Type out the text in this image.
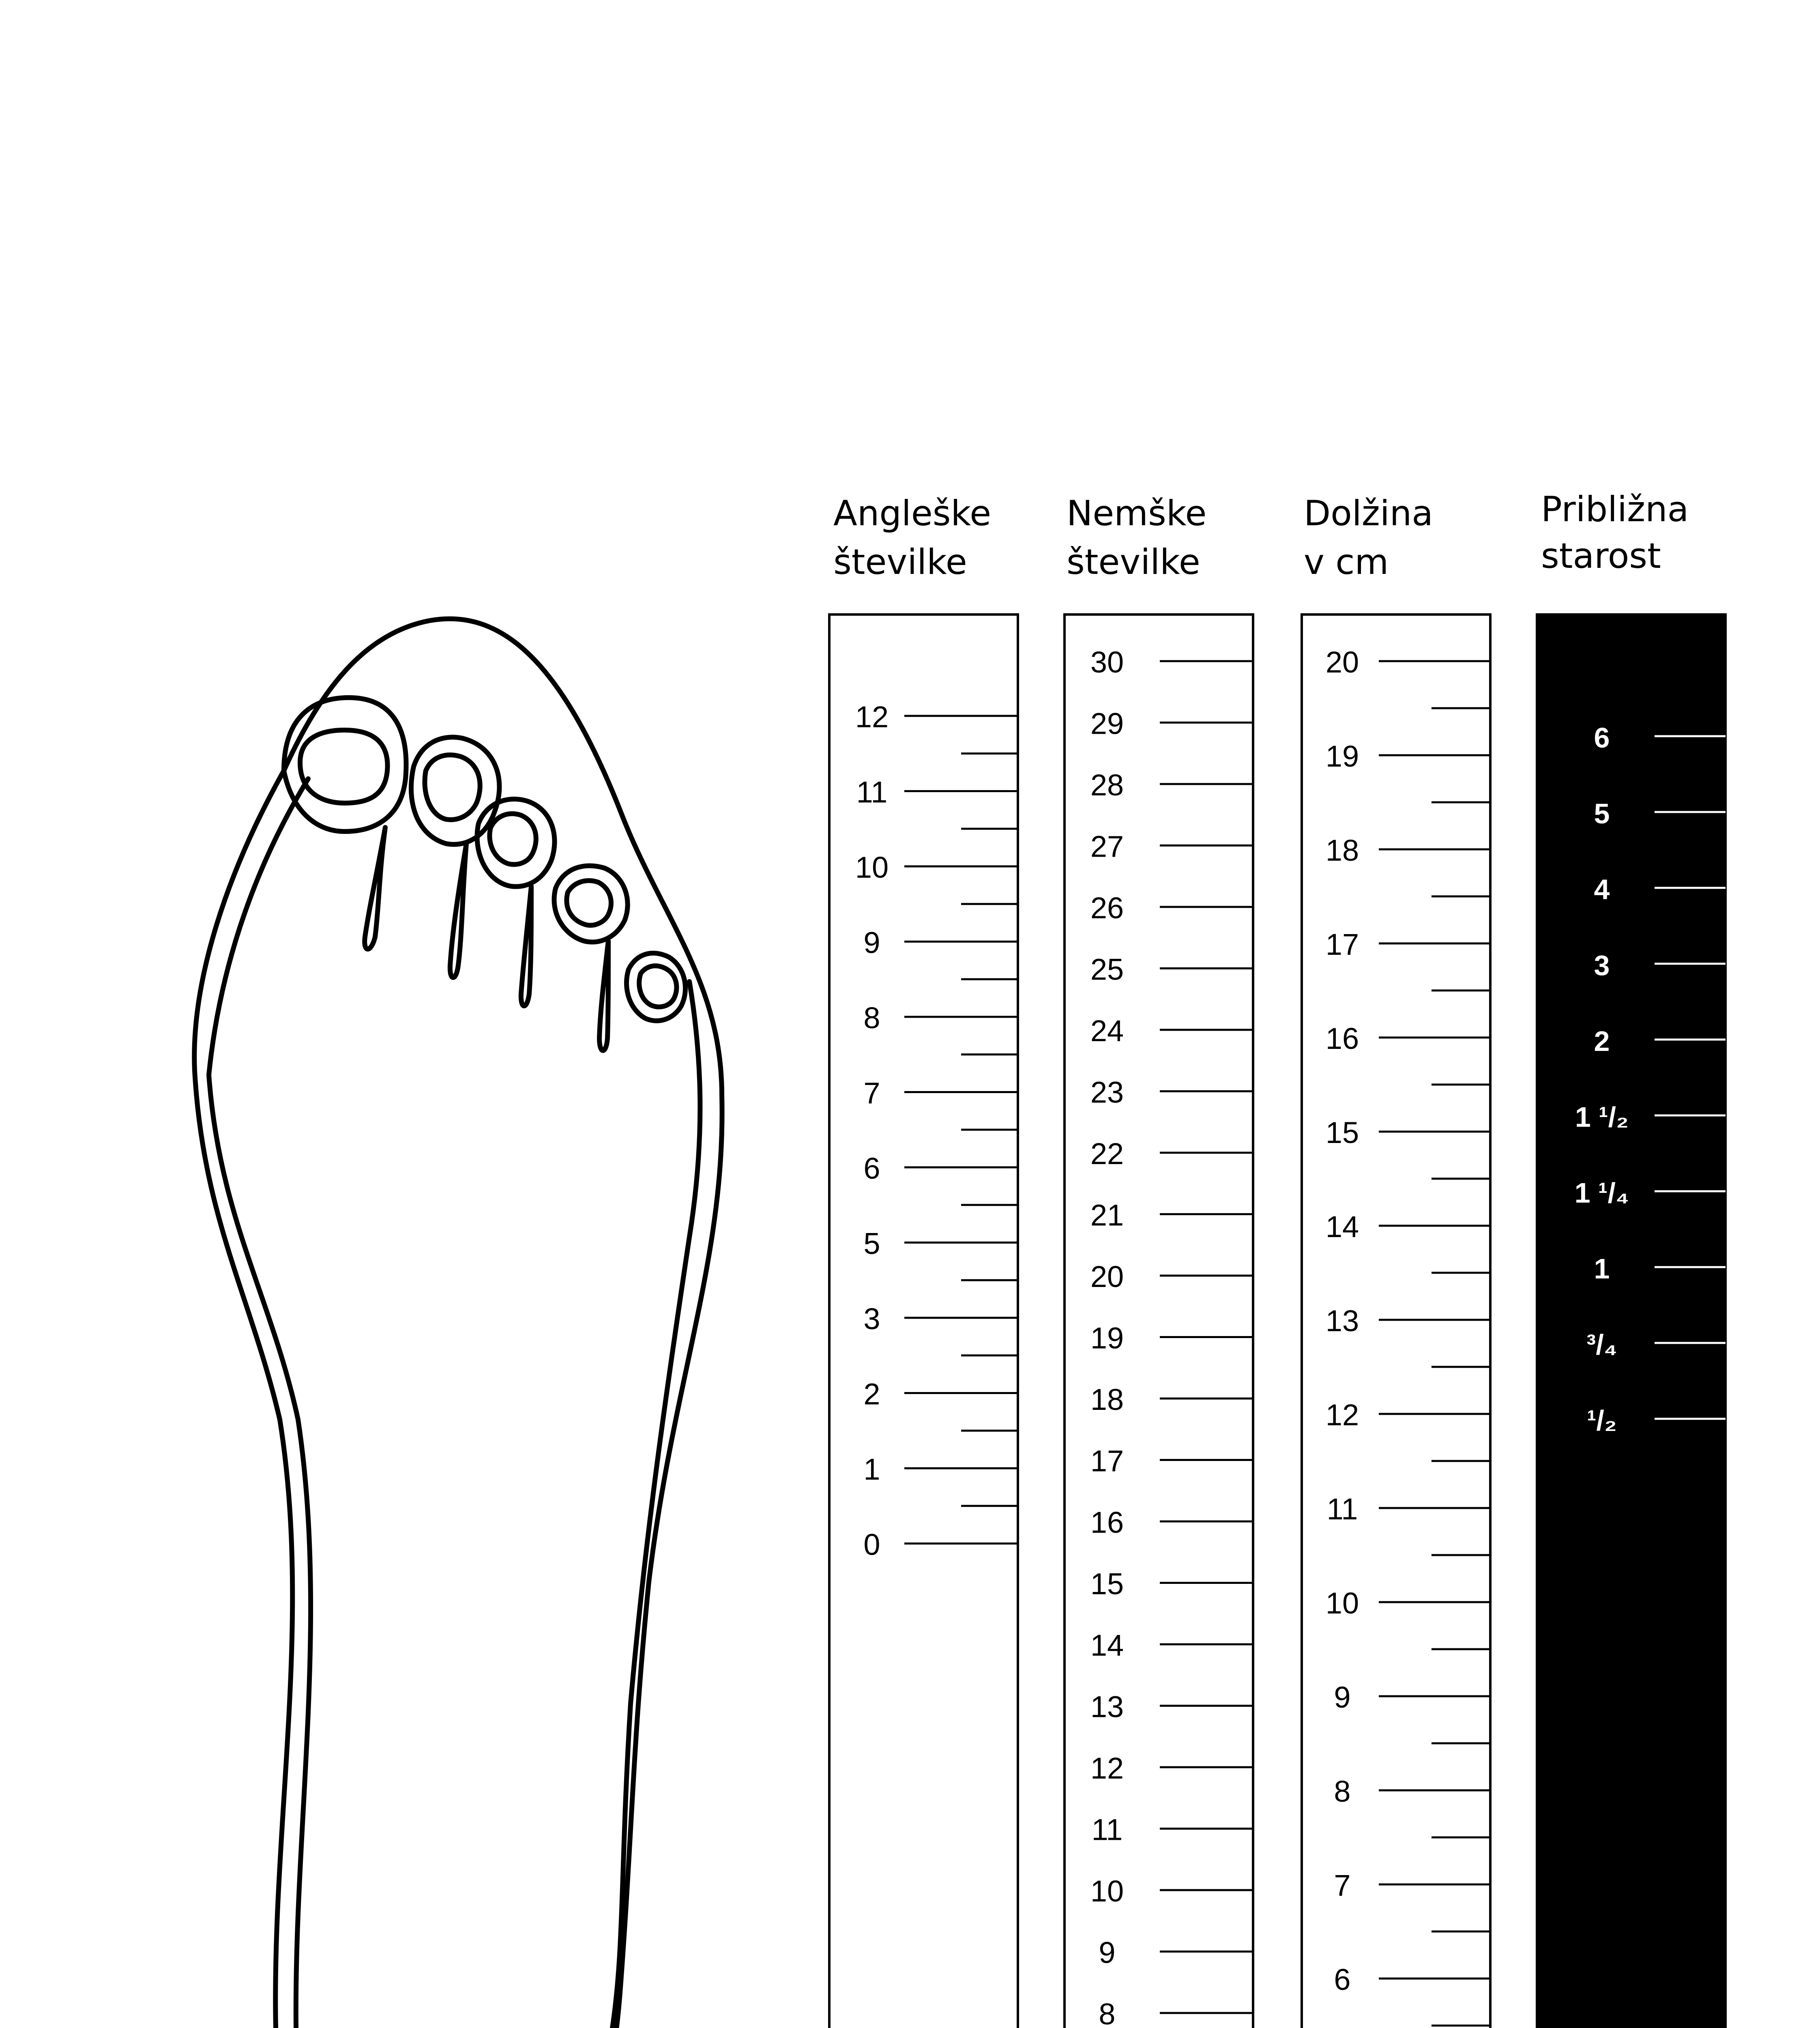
Angleške
številke
Nemške
številke
Dolžina
v cm
Približna
starost
12
11
10
9
8
7
6
5
3
2
1
0
30
29
28
27
26
25
24
23
22
21
20
19
18
17
16
15
14
13
12
11
10
9
8
20
19
18
17
16
15
14
13
12
11
10
9
8
7
6
6
5
4
3
2
1 ¹/₂
1 ¹/₄
1
³/₄
¹/₂
